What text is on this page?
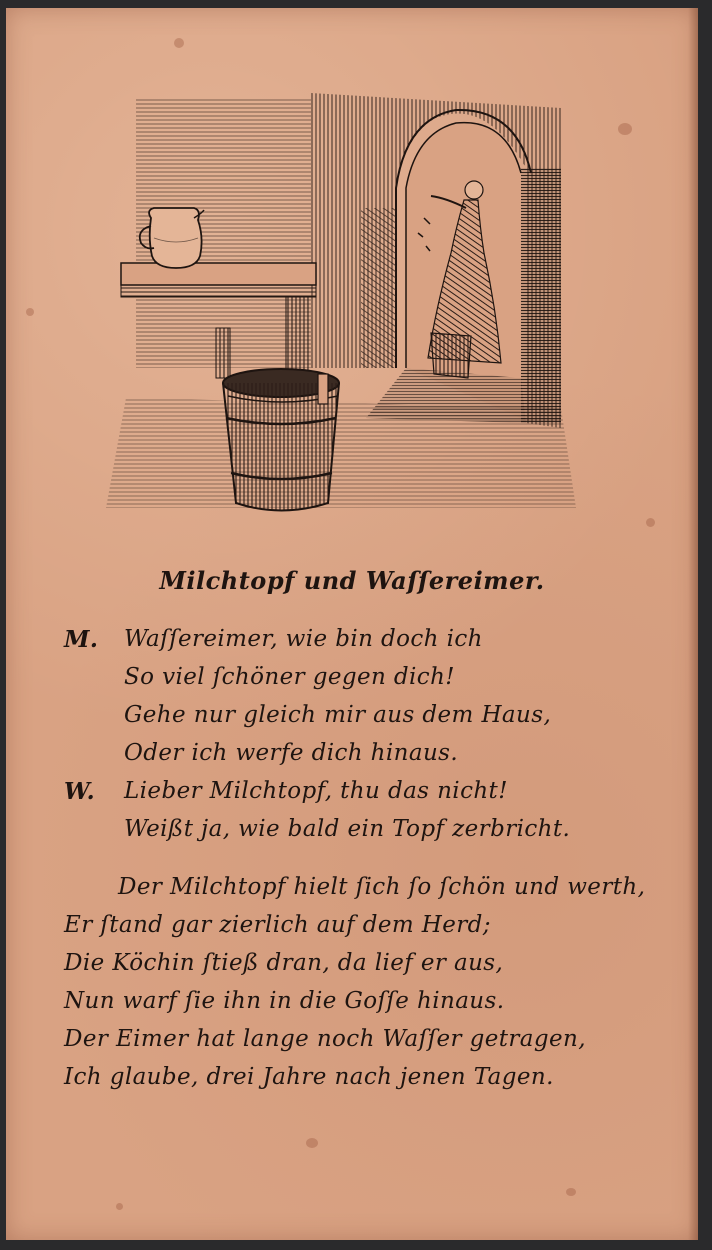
Milchtopf und Waſſereimer.
M. Waſſereimer, wie bin doch ich
So viel ſchöner gegen dich!
Gehe nur gleich mir aus dem Haus,
Oder ich werfe dich hinaus.
W. Lieber Milchtopf, thu das nicht!
Weißt ja, wie bald ein Topf zerbricht.
Der Milchtopf hielt ſich ſo ſchön und werth,
Er ſtand gar zierlich auf dem Herd;
Die Köchin ſtieß dran, da lief er aus,
Nun warf ſie ihn in die Goſſe hinaus.
Der Eimer hat lange noch Waſſer getragen,
Ich glaube, drei Jahre nach jenen Tagen.
